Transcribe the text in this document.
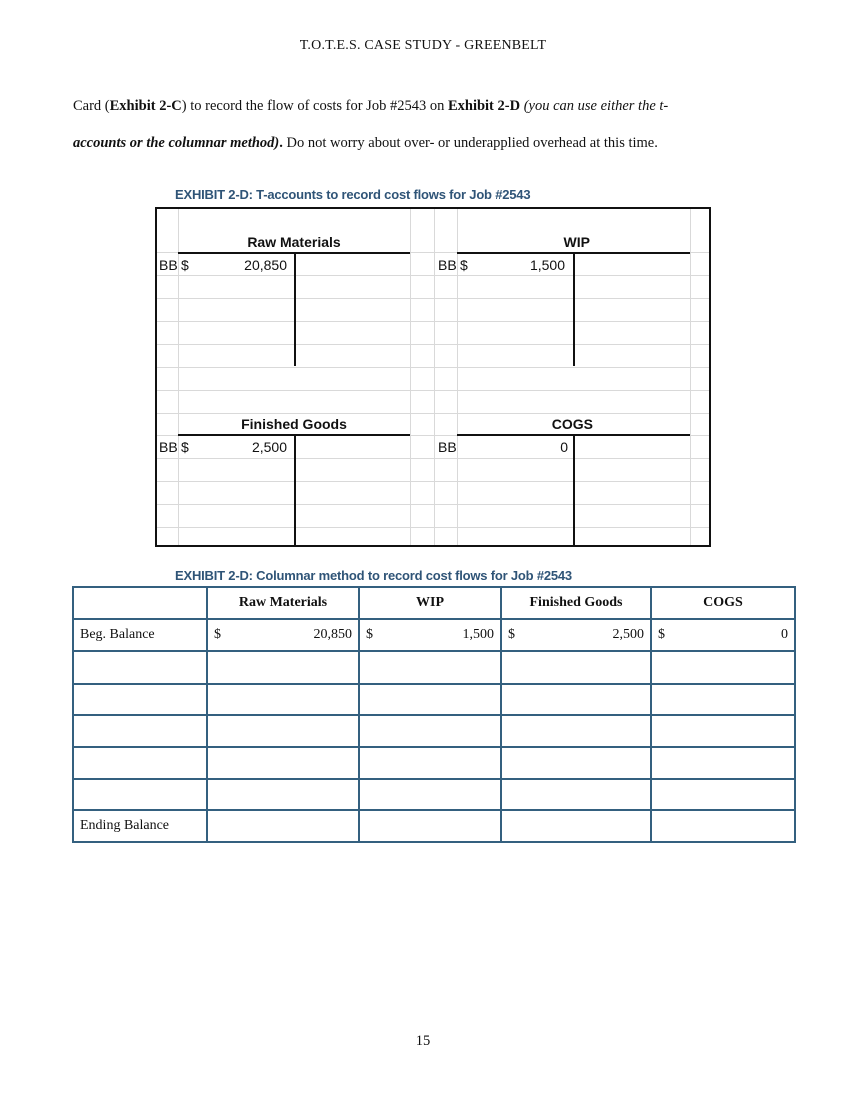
T.O.T.E.S. CASE STUDY - GREENBELT
Card (Exhibit 2-C) to record the flow of costs for Job #2543 on Exhibit 2-D (you can use either the t-
accounts or the columnar method). Do not worry about over- or underapplied overhead at this time.
EXHIBIT 2-D: T-accounts to record cost flows for Job #2543
Raw Materials
BB $	20,850
WIP
BB $	1,500
Finished Goods
BB $	2,500
COGS
BB	0
EXHIBIT 2-D: Columnar method to record cost flows for Job #2543
	Raw Materials	WIP	Finished Goods	COGS
Beg. Balance	$ 20,850	$ 1,500	$ 2,500	$ 0

Ending Balance				
15
